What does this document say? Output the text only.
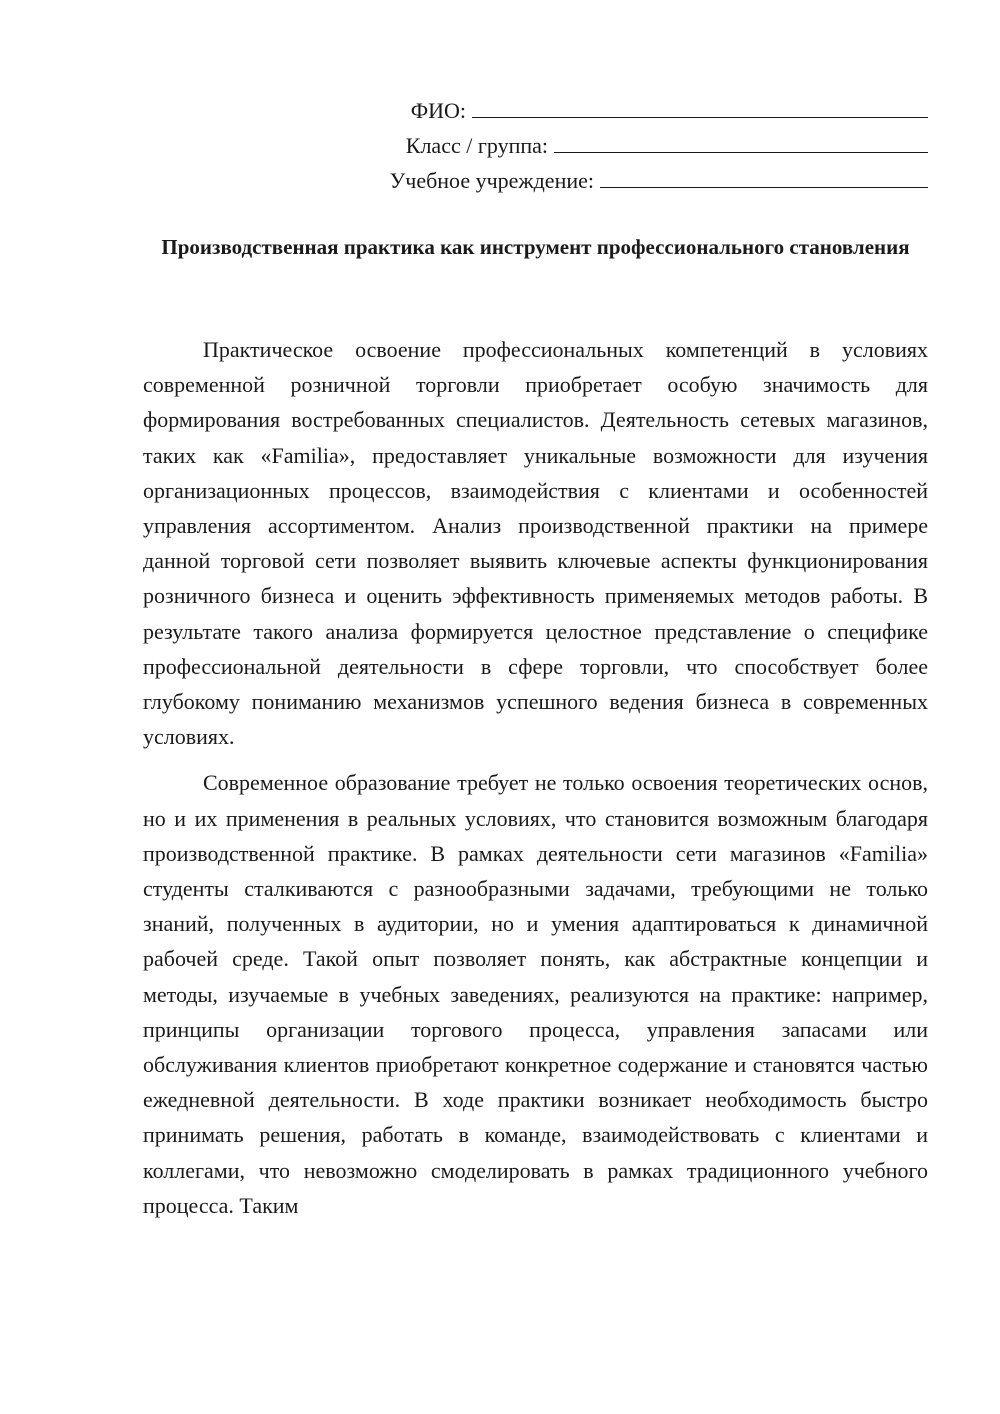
ФИО:
Класс / группа:
Учебное учреждение:
Производственная практика как инструмент профессионального становления

Практическое освоение профессиональных компетенций в условиях современной розничной торговли приобретает особую значимость для формирования востребованных специалистов. Деятельность сетевых магазинов, таких как «Familia», предоставляет уникальные возможности для изучения организационных процессов, взаимодействия с клиентами и особенностей управления ассортиментом. Анализ производственной практики на примере данной торговой сети позволяет выявить ключевые аспекты функционирования розничного бизнеса и оценить эффективность применяемых методов работы. В результате такого анализа формируется целостное представление о специфике профессиональной деятельности в сфере торговли, что способствует более глубокому пониманию механизмов успешного ведения бизнеса в современных условиях.

Современное образование требует не только освоения теоретических основ, но и их применения в реальных условиях, что становится возможным благодаря производственной практике. В рамках деятельности сети магазинов «Familia» студенты сталкиваются с разнообразными задачами, требующими не только знаний, полученных в аудитории, но и умения адаптироваться к динамичной рабочей среде. Такой опыт позволяет понять, как абстрактные концепции и методы, изучаемые в учебных заведениях, реализуются на практике: например, принципы организации торгового процесса, управления запасами или обслуживания клиентов приобретают конкретное содержание и становятся частью ежедневной деятельности. В ходе практики возникает необходимость быстро принимать решения, работать в команде, взаимодействовать с клиентами и коллегами, что невозможно смоделировать в рамках традиционного учебного процесса. Таким
